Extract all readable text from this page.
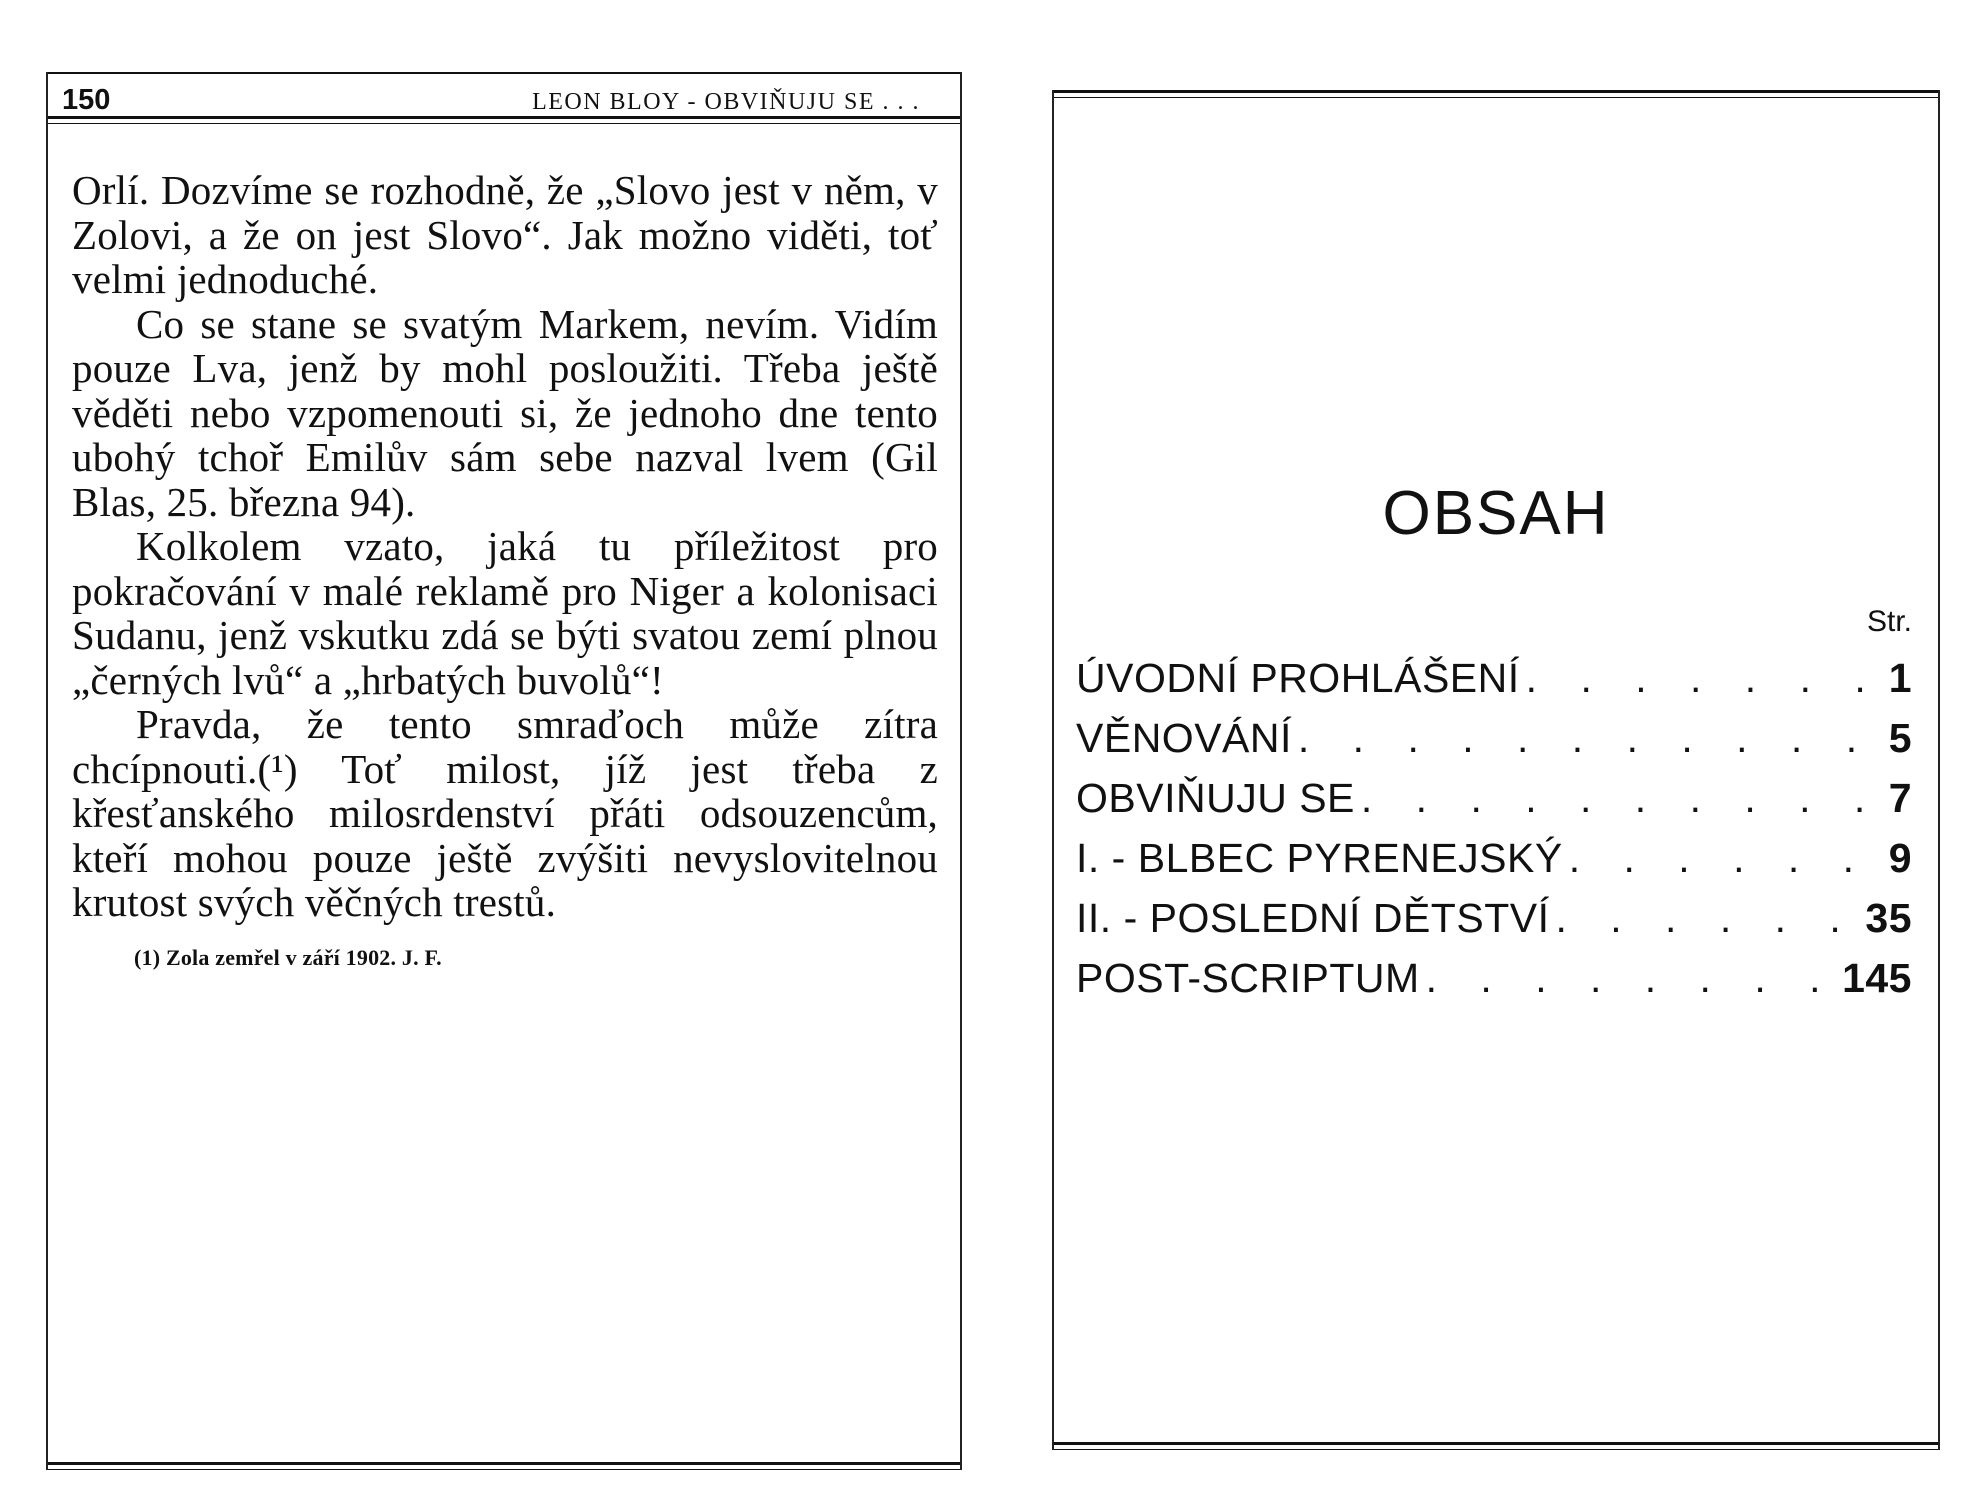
150	LEON BLOY - OBVIŇUJU SE . . .

Orlí. Dozvíme se rozhodně, že „Slovo jest v něm, v Zolovi, a že on jest Slovo“. Jak možno viděti, toť velmi jednoduché.

Co se stane se svatým Markem, nevím. Vidím pouze Lva, jenž by mohl posloužiti. Třeba ještě věděti nebo vzpomenouti si, že jednoho dne tento ubohý tchoř Emilův sám sebe nazval lvem (Gil Blas, 25. března 94).

Kolkolem vzato, jaká tu příležitost pro pokračování v malé reklamě pro Niger a kolonisaci Sudanu, jenž vskutku zdá se býti svatou zemí plnou „černých lvů“ a „hrbatých buvolů“!

Pravda, že tento smraďoch může zítra chcípnouti.(¹) Toť milost, jíž jest třeba z křesťanského milosrdenství přáti odsouzencům, kteří mohou pouze ještě zvýšiti nevyslovitelnou krutost svých věčných trestů.

(1) Zola zemřel v září 1902. J. F.

OBSAH
Str.
ÚVODNÍ PROHLÁŠENÍ . . .	1
VĚNOVÁNÍ . . .	5
OBVIŇUJU SE . . .	7
I. - BLBEC PYRENEJSKÝ . . .	9
II. - POSLEDNÍ DĚTSTVÍ . . .	35
POST-SCRIPTUM . . .	145
